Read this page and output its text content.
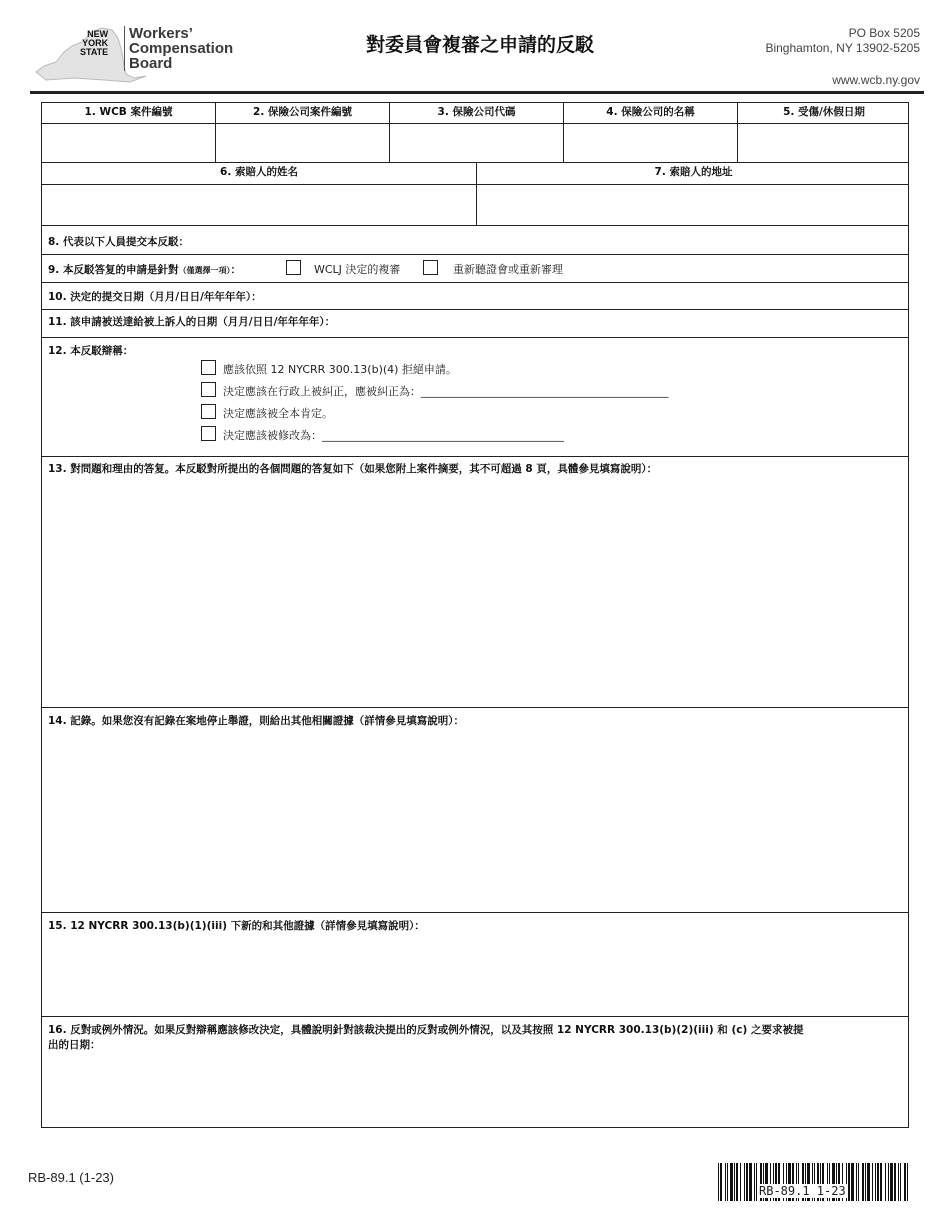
NEW
YORK
STATE
Workers’
Compensation
Board
對委員會複審之申請的反駁
PO Box 5205
Binghamton, NY 13902-5205
www.wcb.ny.gov
1. WCB 案件編號	2. 保險公司案件編號	3. 保險公司代碼	4. 保險公司的名稱	5. 受傷/休假日期
6. 索賠人的姓名	7. 索賠人的地址
8. 代表以下人員提交本反駁：
9. 本反駁答复的申請是針對（僅選擇一項）：	WCLJ 決定的複審	重新聽證會或重新審理
10. 決定的提交日期（月月/日日/年年年年）：
11. 該申請被送達給被上訴人的日期（月月/日日/年年年年）：
12. 本反駁辯稱：
應該依照 12 NYCRR 300.13(b)(4) 拒絕申請。
決定應該在行政上被糾正，應被糾正為：_____________________________________________
決定應該被全本肯定。
決定應該被修改為：____________________________________________
13. 對問題和理由的答复。本反駁對所提出的各個問題的答复如下（如果您附上案件摘要，其不可超過 8 頁，具體參見填寫說明）：
14. 記錄。如果您沒有記錄在案地停止舉證，則給出其他相關證據（詳情參見填寫說明）：
15. 12 NYCRR 300.13(b)(1)(iii) 下新的和其他證據（詳情參見填寫說明）：
16. 反對或例外情況。如果反對辯稱應該修改決定，具體說明針對該裁決提出的反對或例外情況，以及其按照 12 NYCRR 300.13(b)(2)(iii) 和 (c) 之要求被提
出的日期：
RB-89.1 (1-23)
RB-89.1 1-23
